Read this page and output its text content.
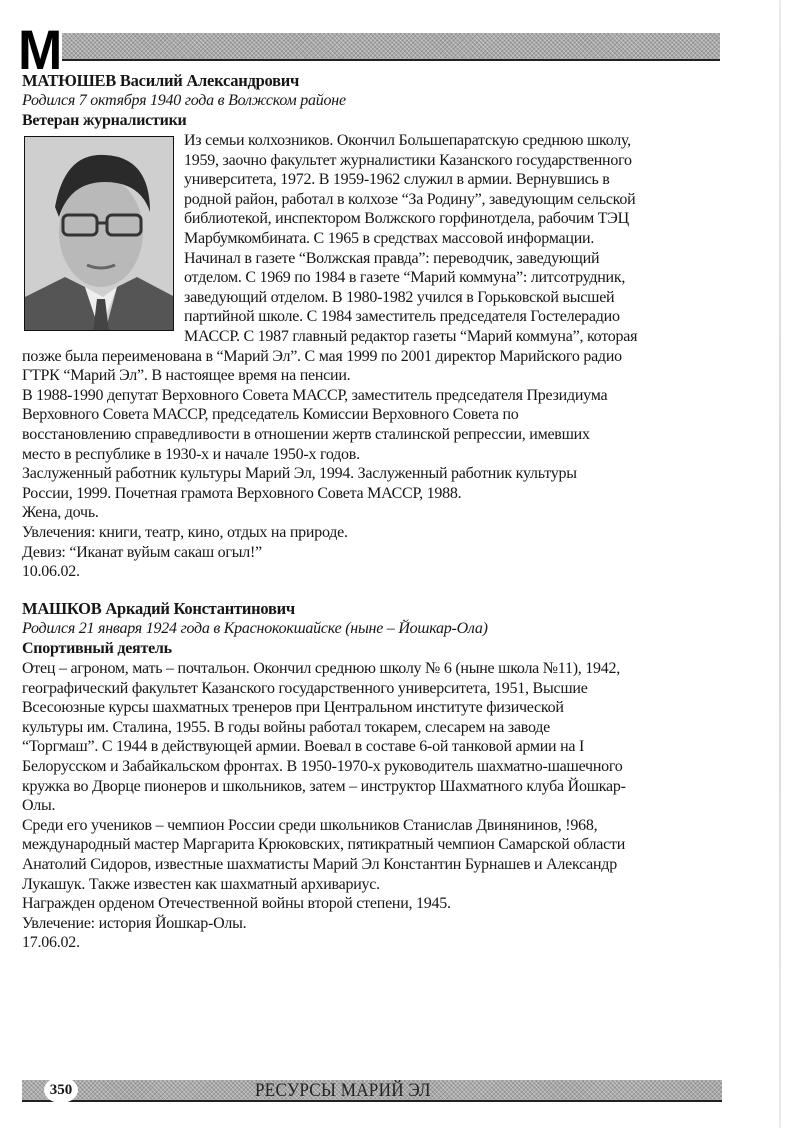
М
МАТЮШЕВ Василий Александрович
Родился 7 октября 1940 года в Волжском районе
Ветеран журналистики
Из семьи колхозников. Окончил Большепаратскую среднюю школу,
1959, заочно факультет журналистики Казанского государственного
университета, 1972. В 1959-1962 служил в армии. Вернувшись в
родной район, работал в колхозе “За Родину”, заведующим сельской
библиотекой, инспектором Волжского горфинотдела, рабочим ТЭЦ
Марбумкомбината. С 1965 в средствах массовой информации.
Начинал в газете “Волжская правда”: переводчик, заведующий
отделом. С 1969 по 1984 в газете “Марий коммуна”: литсотрудник,
заведующий отделом. В 1980-1982 учился в Горьковской высшей
партийной школе. С 1984 заместитель председателя Гостелерадио
МАССР. С 1987 главный редактор газеты “Марий коммуна”, которая
позже была переименована в “Марий Эл”. С мая 1999 по 2001 директор Марийского радио
ГТРК “Марий Эл”. В настоящее время на пенсии.
В 1988-1990 депутат Верховного Совета МАССР, заместитель председателя Президиума
Верховного Совета МАССР, председатель Комиссии Верховного Совета по
восстановлению справедливости в отношении жертв сталинской репрессии, имевших
место в республике в 1930-х и начале 1950-х годов.
Заслуженный работник культуры Марий Эл, 1994. Заслуженный работник культуры
России, 1999. Почетная грамота Верховного Совета МАССР, 1988.
Жена, дочь.
Увлечения: книги, театр, кино, отдых на природе.
Девиз: “Иканат вуйым сакаш огыл!”
10.06.02.
МАШКОВ Аркадий Константинович
Родился 21 января 1924 года в Краснококшайске (ныне – Йошкар-Ола)
Спортивный деятель
Отец – агроном, мать – почтальон. Окончил среднюю школу № 6 (ныне школа №11), 1942,
географический факультет Казанского государственного университета, 1951, Высшие
Всесоюзные курсы шахматных тренеров при Центральном институте физической
культуры им. Сталина, 1955. В годы войны работал токарем, слесарем на заводе
“Торгмаш”. С 1944 в действующей армии. Воевал в составе 6-ой танковой армии на I
Белорусском и Забайкальском фронтах. В 1950-1970-х руководитель шахматно-шашечного
кружка во Дворце пионеров и школьников, затем – инструктор Шахматного клуба Йошкар-
Олы.
Среди его учеников – чемпион России среди школьников Станислав Двинянинов, !968,
международный мастер Маргарита Крюковских, пятикратный чемпион Самарской области
Анатолий Сидоров, известные шахматисты Марий Эл Константин Бурнашев и Александр
Лукашук. Также известен как шахматный архивариус.
Награжден орденом Отечественной войны второй степени, 1945.
Увлечение: история Йошкар-Олы.
17.06.02.
350	РЕСУРСЫ МАРИЙ ЭЛ
